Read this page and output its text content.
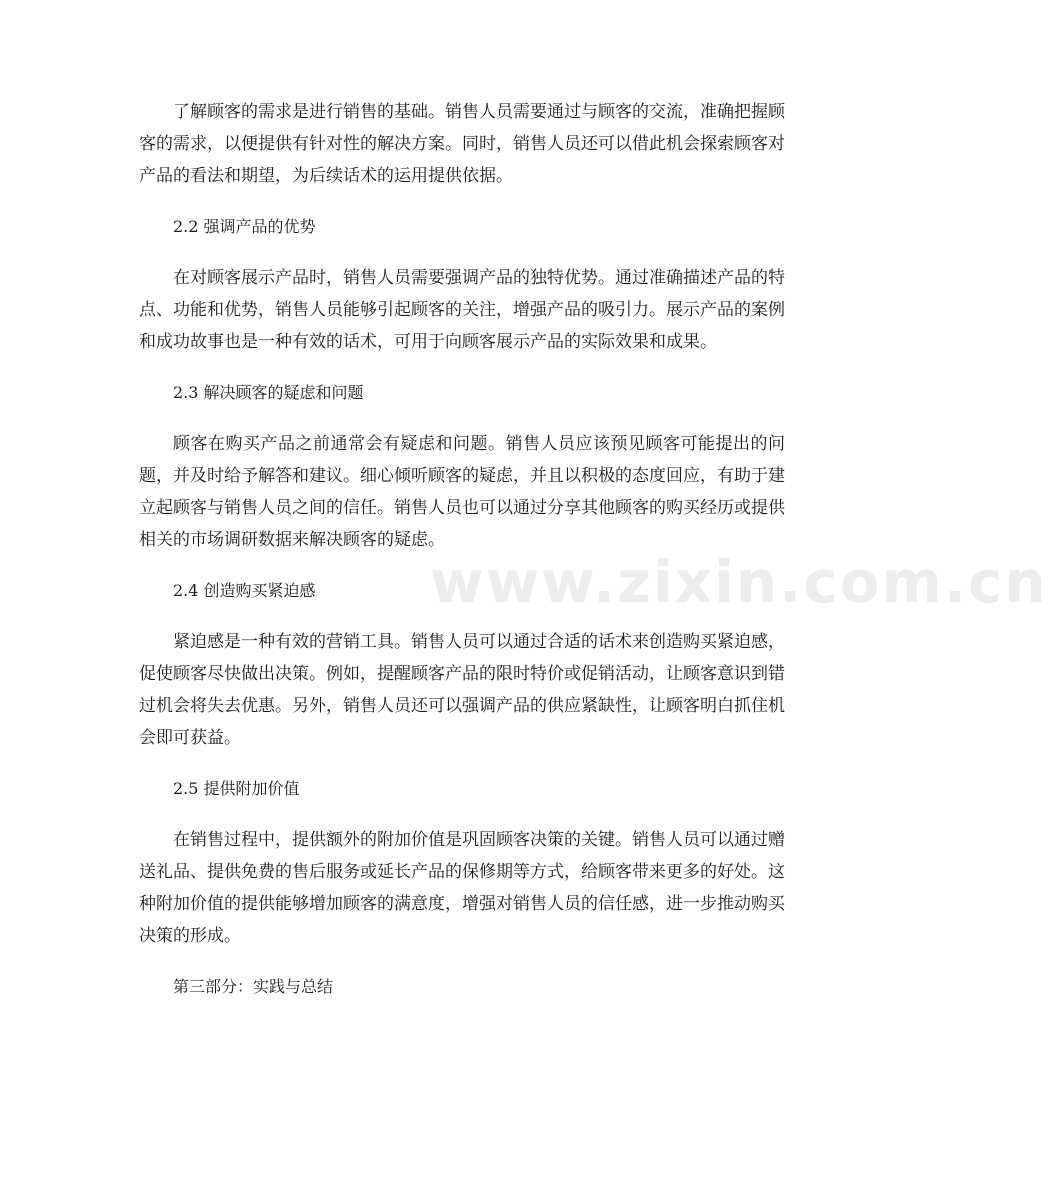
www.zixin.com.cn

了解顾客的需求是进行销售的基础。销售人员需要通过与顾客的交流，准确把握顾客的需求，以便提供有针对性的解决方案。同时，销售人员还可以借此机会探索顾客对产品的看法和期望，为后续话术的运用提供依据。

2.2 强调产品的优势

在对顾客展示产品时，销售人员需要强调产品的独特优势。通过准确描述产品的特点、功能和优势，销售人员能够引起顾客的关注，增强产品的吸引力。展示产品的案例和成功故事也是一种有效的话术，可用于向顾客展示产品的实际效果和成果。

2.3 解决顾客的疑虑和问题

顾客在购买产品之前通常会有疑虑和问题。销售人员应该预见顾客可能提出的问题，并及时给予解答和建议。细心倾听顾客的疑虑，并且以积极的态度回应，有助于建立起顾客与销售人员之间的信任。销售人员也可以通过分享其他顾客的购买经历或提供相关的市场调研数据来解决顾客的疑虑。

2.4 创造购买紧迫感

紧迫感是一种有效的营销工具。销售人员可以通过合适的话术来创造购买紧迫感，促使顾客尽快做出决策。例如，提醒顾客产品的限时特价或促销活动，让顾客意识到错过机会将失去优惠。另外，销售人员还可以强调产品的供应紧缺性，让顾客明白抓住机会即可获益。

2.5 提供附加价值

在销售过程中，提供额外的附加价值是巩固顾客决策的关键。销售人员可以通过赠送礼品、提供免费的售后服务或延长产品的保修期等方式，给顾客带来更多的好处。这种附加价值的提供能够增加顾客的满意度，增强对销售人员的信任感，进一步推动购买决策的形成。

第三部分：实践与总结
